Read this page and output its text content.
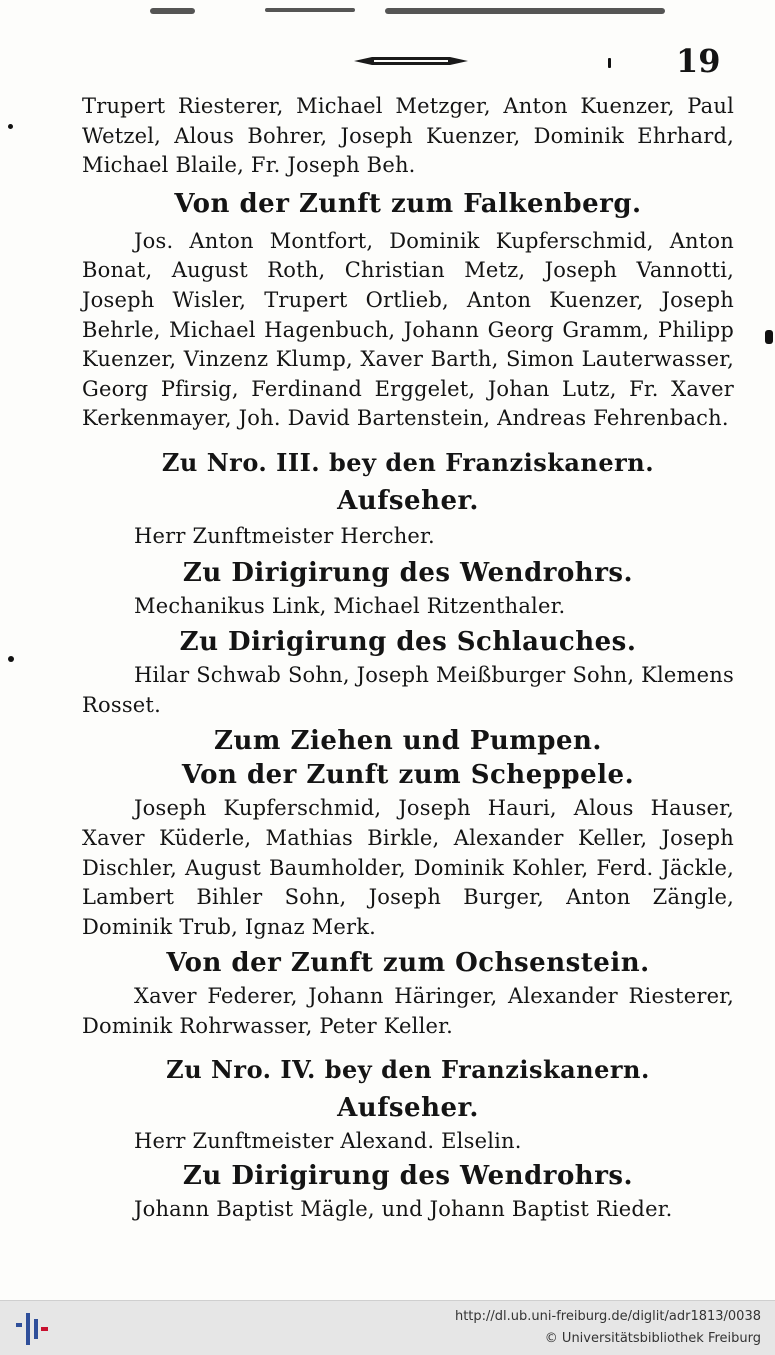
19

Trupert Riesterer, Michael Metzger, Anton Kuenzer, Paul Wetzel, Alous Bohrer, Joseph Kuenzer, Dominik Ehrhard, Michael Blaile, Fr. Joseph Beh.

Von der Zunft zum Falkenberg.

Jos. Anton Montfort, Dominik Kupferschmid, Anton Bonat, August Roth, Christian Metz, Joseph Vannotti, Joseph Wisler, Trupert Ortlieb, Anton Kuenzer, Joseph Behrle, Michael Hagenbuch, Johann Georg Gramm, Philipp Kuenzer, Vinzenz Klump, Xaver Barth, Simon Lauterwasser, Georg Pfirsig, Ferdinand Erggelet, Johan Lutz, Fr. Xaver Kerkenmayer, Joh. David Bartenstein, Andreas Fehrenbach.

Zu Nro. III. bey den Franziskanern.

Aufseher.

Herr Zunftmeister Hercher.

Zu Dirigirung des Wendrohrs.

Mechanikus Link, Michael Ritzenthaler.

Zu Dirigirung des Schlauches.

Hilar Schwab Sohn, Joseph Meißburger Sohn, Klemens Rosset.

Zum Ziehen und Pumpen.

Von der Zunft zum Scheppele.

Joseph Kupferschmid, Joseph Hauri, Alous Hauser, Xaver Küderle, Mathias Birkle, Alexander Keller, Joseph Dischler, August Baumholder, Dominik Kohler, Ferd. Jäckle, Lambert Bihler Sohn, Joseph Burger, Anton Zängle, Dominik Trub, Ignaz Merk.

Von der Zunft zum Ochsenstein.

Xaver Federer, Johann Häringer, Alexander Riesterer, Dominik Rohrwasser, Peter Keller.

Zu Nro. IV. bey den Franziskanern.

Aufseher.

Herr Zunftmeister Alexand. Elselin.

Zu Dirigirung des Wendrohrs.

Johann Baptist Mägle, und Johann Baptist Rieder.

http://dl.ub.uni-freiburg.de/diglit/adr1813/0038
© Universitätsbibliothek Freiburg
